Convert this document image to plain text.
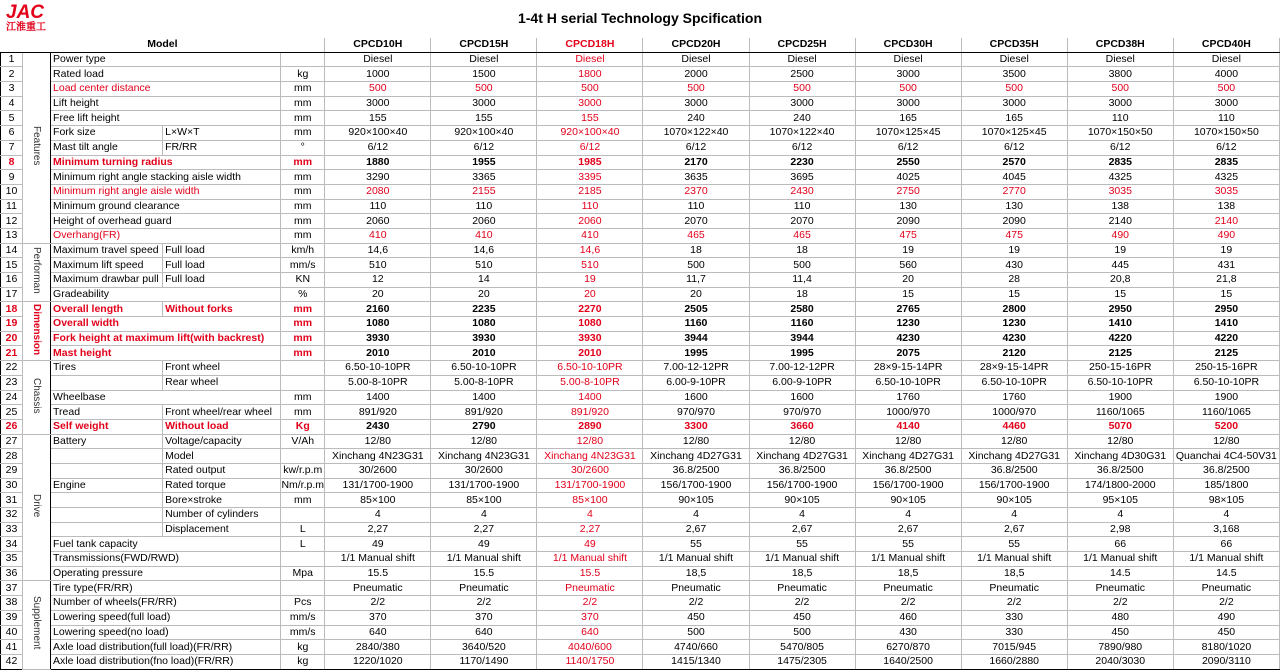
JAC
江淮重工
1-4t H serial Technology Spcification
Model					CPCD10H	CPCD15H	CPCD18H	CPCD20H	CPCD25H	CPCD30H	CPCD35H	CPCD38H	CPCD40H
1	Features	Power type			Diesel	Diesel	Diesel	Diesel	Diesel	Diesel	Diesel	Diesel	Diesel
2		Rated load		kg	1000	1500	1800	2000	2500	3000	3500	3800	4000
3		Load center distance		mm	500	500	500	500	500	500	500	500	500
4		Lift height		mm	3000	3000	3000	3000	3000	3000	3000	3000	3000
5		Free lift height		mm	155	155	155	240	240	165	165	110	110
6		Fork size	L×W×T	mm	920×100×40	920×100×40	920×100×40	1070×122×40	1070×122×40	1070×125×45	1070×125×45	1070×150×50	1070×150×50
7		Mast tilt angle	FR/RR	°	6/12	6/12	6/12	6/12	6/12	6/12	6/12	6/12	6/12
8		Minimum turning radius		mm	1880	1955	1985	2170	2230	2550	2570	2835	2835
9		Minimum right angle stacking aisle width		mm	3290	3365	3395	3635	3695	4025	4045	4325	4325
10		Minimum right angle aisle width		mm	2080	2155	2185	2370	2430	2750	2770	3035	3035
11		Minimum ground clearance		mm	110	110	110	110	110	130	130	138	138
12		Height of overhead guard		mm	2060	2060	2060	2070	2070	2090	2090	2140	2140
13		Overhang(FR)		mm	410	410	410	465	465	475	475	490	490
14	Performan	Maximum travel speed	Full load	km/h	14,6	14,6	14,6	18	18	19	19	19	19
15		Maximum lift speed	Full load	mm/s	510	510	510	500	500	560	430	445	431
16		Maximum drawbar pull	Full load	KN	12	14	19	11,7	11,4	20	28	20,8	21,8
17		Gradeability		%	20	20	20	20	18	15	15	15	15
18	Dimension	Overall length	Without forks	mm	2160	2235	2270	2505	2580	2765	2800	2950	2950
19		Overall width		mm	1080	1080	1080	1160	1160	1230	1230	1410	1410
20		Fork height at maximum lift(with backrest)		mm	3930	3930	3930	3944	3944	4230	4230	4220	4220
21		Mast height		mm	2010	2010	2010	1995	1995	2075	2120	2125	2125
22	Chassis	Tires	Front wheel		6.50-10-10PR	6.50-10-10PR	6.50-10-10PR	7.00-12-12PR	7.00-12-12PR	28×9-15-14PR	28×9-15-14PR	250-15-16PR	250-15-16PR
23			Rear wheel		5.00-8-10PR	5.00-8-10PR	5.00-8-10PR	6.00-9-10PR	6.00-9-10PR	6.50-10-10PR	6.50-10-10PR	6.50-10-10PR	6.50-10-10PR
24		Wheelbase		mm	1400	1400	1400	1600	1600	1760	1760	1900	1900
25		Tread	Front wheel/rear wheel	mm	891/920	891/920	891/920	970/970	970/970	1000/970	1000/970	1160/1065	1160/1065
26		Self weight	Without load	Kg	2430	2790	2890	3300	3660	4140	4460	5070	5200
27	Drive	Battery	Voltage/capacity	V/Ah	12/80	12/80	12/80	12/80	12/80	12/80	12/80	12/80	12/80
28			Model		Xinchang 4N23G31	Xinchang 4N23G31	Xinchang 4N23G31	Xinchang 4D27G31	Xinchang 4D27G31	Xinchang 4D27G31	Xinchang 4D27G31	Xinchang 4D30G31	Quanchai 4C4-50V31
29			Rated output	kw/r.p.m	30/2600	30/2600	30/2600	36.8/2500	36.8/2500	36.8/2500	36.8/2500	36.8/2500	36.8/2500
30		Engine	Rated torque	Nm/r.p.m	131/1700-1900	131/1700-1900	131/1700-1900	156/1700-1900	156/1700-1900	156/1700-1900	156/1700-1900	174/1800-2000	185/1800
31			Bore×stroke	mm	85×100	85×100	85×100	90×105	90×105	90×105	90×105	95×105	98×105
32			Number of cylinders		4	4	4	4	4	4	4	4	4
33			Displacement	L	2,27	2,27	2,27	2,67	2,67	2,67	2,67	2,98	3,168
34		Fuel tank capacity		L	49	49	49	55	55	55	55	66	66
35		Transmissions(FWD/RWD)			1/1 Manual shift	1/1 Manual shift	1/1 Manual shift	1/1 Manual shift	1/1 Manual shift	1/1 Manual shift	1/1 Manual shift	1/1 Manual shift	1/1 Manual shift
36		Operating pressure		Mpa	15.5	15.5	15.5	18,5	18,5	18,5	18,5	14.5	14.5
37	Supplement	Tire type(FR/RR)			Pneumatic	Pneumatic	Pneumatic	Pneumatic	Pneumatic	Pneumatic	Pneumatic	Pneumatic	Pneumatic
38		Number of wheels(FR/RR)		Pcs	2/2	2/2	2/2	2/2	2/2	2/2	2/2	2/2	2/2
39		Lowering speed(full load)		mm/s	370	370	370	450	450	460	330	480	490
40		Lowering speed(no load)		mm/s	640	640	640	500	500	430	330	450	450
41		Axle load distribution(full load)(FR/RR)		kg	2840/380	3640/520	4040/600	4740/660	5470/805	6270/870	7015/945	7890/980	8180/1020
42		Axle load distribution(fno load)(FR/RR)		kg	1220/1020	1170/1490	1140/1750	1415/1340	1475/2305	1640/2500	1660/2880	2040/3030	2090/3110
